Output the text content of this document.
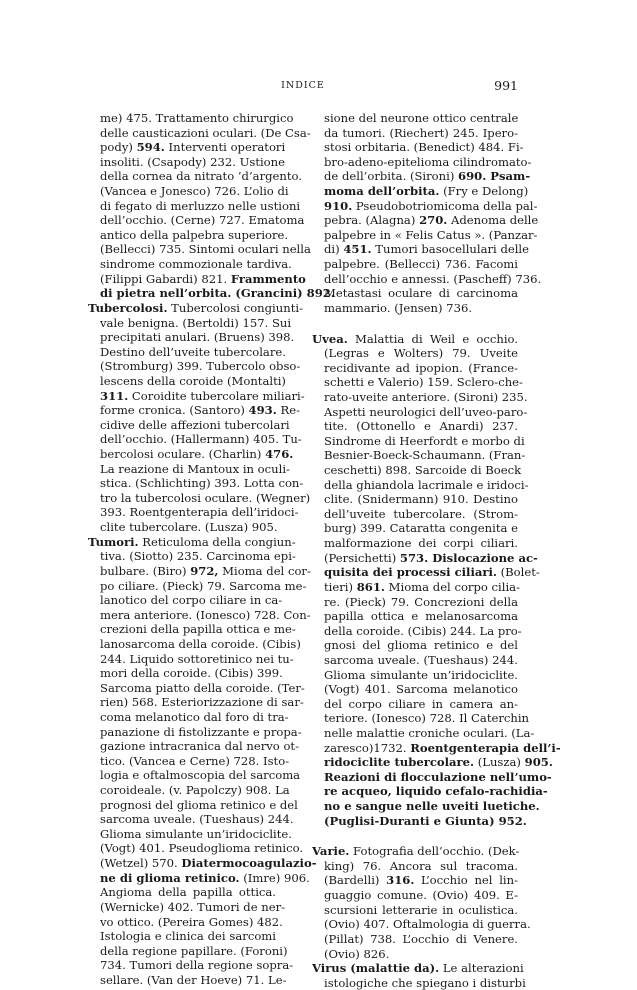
INDICE	991
me) 475. Trattamento chirurgico
delle causticazioni oculari. (De Csa-
pody) 594. Interventi operatori
insoliti. (Csapody) 232. Ustione
della cornea da nitrato ’d’argento.
(Vancea e Jonesco) 726. L’olio di
di fegato di merluzzo nelle ustioni
dell’occhio. (Cerne) 727. Ematoma
antico della palpebra superiore.
(Bellecci) 735. Sintomi oculari nella
sindrome commozionale tardiva.
(Filippi Gabardi) 821. Frammento
di pietra nell’orbita. (Grancini) 892.
Tubercolosi. Tubercolosi congiunti-
vale benigna. (Bertoldi) 157. Sui
precipitati anulari. (Bruens) 398.
Destino dell’uveite tubercolare.
(Stromburg) 399. Tubercolo obso-
lescens della coroide (Montalti)
311. Coroidite tubercolare miliari-
forme cronica. (Santoro) 493. Re-
cidive delle affezioni tubercolari
dell’occhio. (Hallermann) 405. Tu-
bercolosi oculare. (Charlin) 476.
La reazione di Mantoux in oculi-
stica. (Schlichting) 393. Lotta con-
tro la tubercolosi oculare. (Wegner)
393. Roentgenterapia dell’iridoci-
clite tubercolare. (Lusza) 905.
Tumori. Reticuloma della congiun-
tiva. (Siotto) 235. Carcinoma epi-
bulbare. (Biro) 972, Mioma del cor-
po ciliare. (Pieck) 79. Sarcoma me-
lanotico del corpo ciliare in ca-
mera anteriore. (Ionesco) 728. Con-
crezioni della papilla ottica e me-
lanosarcoma della coroide. (Cibis)
244. Liquido sottoretinico nei tu-
mori della coroide. (Cibis) 399.
Sarcoma piatto della coroide. (Ter-
rien) 568. Esteriorizzazione di sar-
coma melanotico dal foro di tra-
panazione di fistolizzante e propa-
gazione intracranica dal nervo ot-
tico. (Vancea e Cerne) 728. Isto-
logia e oftalmoscopia del sarcoma
coroideale. (v. Papolczy) 908. La
prognosi del glioma retinico e del
sarcoma uveale. (Tueshaus) 244.
Glioma simulante un’iridociclite.
(Vogt) 401. Pseudoglioma retinico.
(Wetzel) 570. Diatermocoagulazio-
ne di glioma retinico. (Imre) 906.
Angioma della papilla ottica.
(Wernicke) 402. Tumori de ner-
vo ottico. (Pereira Gomes) 482.
Istologia e clinica dei sarcomi
della regione papillare. (Foroni)
734. Tumori della regione sopra-
sellare. (Van der Hoeve) 71. Le-
sione del neurone ottico centrale
da tumori. (Riechert) 245. Ipero-
stosi orbitaria. (Benedict) 484. Fi-
bro-adeno-epitelioma cilindromato-
de dell’orbita. (Sironi) 690. Psam-
moma dell’orbita. (Fry e Delong)
910. Pseudobotriomicoma della pal-
pebra. (Alagna) 270. Adenoma delle
palpebre in « Felis Catus ». (Panzar-
di) 451. Tumori basocellulari delle
palpebre. (Bellecci) 736. Facomi
dell’occhio e annessi. (Pascheff) 736.
Metastasi oculare di carcinoma
mammario. (Jensen) 736.
Uvea. Malattia di Weil e occhio.
(Legras e Wolters) 79. Uveite
recidivante ad ipopion. (France-
schetti e Valerio) 159. Sclero-che-
rato-uveite anteriore. (Sironi) 235.
Aspetti neurologici dell’uveo-paro-
tite. (Ottonello e Anardi) 237.
Sindrome di Heerfordt e morbo di
Besnier-Boeck-Schaumann. (Fran-
ceschetti) 898. Sarcoide di Boeck
della ghiandola lacrimale e iridoci-
clite. (Snidermann) 910. Destino
dell’uveite tubercolare. (Strom-
burg) 399. Cataratta congenita e
malformazione dei corpi ciliari.
(Persichetti) 573. Dislocazione ac-
quisita dei processi ciliari. (Bolet-
tieri) 861. Mioma del corpo cilia-
re. (Pieck) 79. Concrezioni della
papilla ottica e melanosarcoma
della coroide. (Cibis) 244. La pro-
gnosi del glioma retinico e del
sarcoma uveale. (Tueshaus) 244.
Glioma simulante un’iridociclite.
(Vogt) 401. Sarcoma melanotico
del corpo ciliare in camera an-
teriore. (Ionesco) 728. Il Caterchin
nelle malattie croniche oculari. (La-
zaresco)1732. Roentgenterapia dell’i-
ridociclite tubercolare. (Lusza) 905.
Reazioni di flocculazione nell’umo-
re acqueo, liquido cefalo-rachidia-
no e sangue nelle uveiti luetiche.
(Puglisi-Duranti e Giunta) 952.
Varie. Fotografia dell’occhio. (Dek-
king) 76. Ancora sul tracoma.
(Bardelli) 316. L’occhio nel lin-
guaggio comune. (Ovio) 409. E-
scursioni letterarie in oculistica.
(Ovio) 407. Oftalmologia di guerra.
(Pillat) 738. L’occhio di Venere.
(Ovio) 826.
Virus (malattie da). Le alterazioni
istologiche che spiegano i disturbi
